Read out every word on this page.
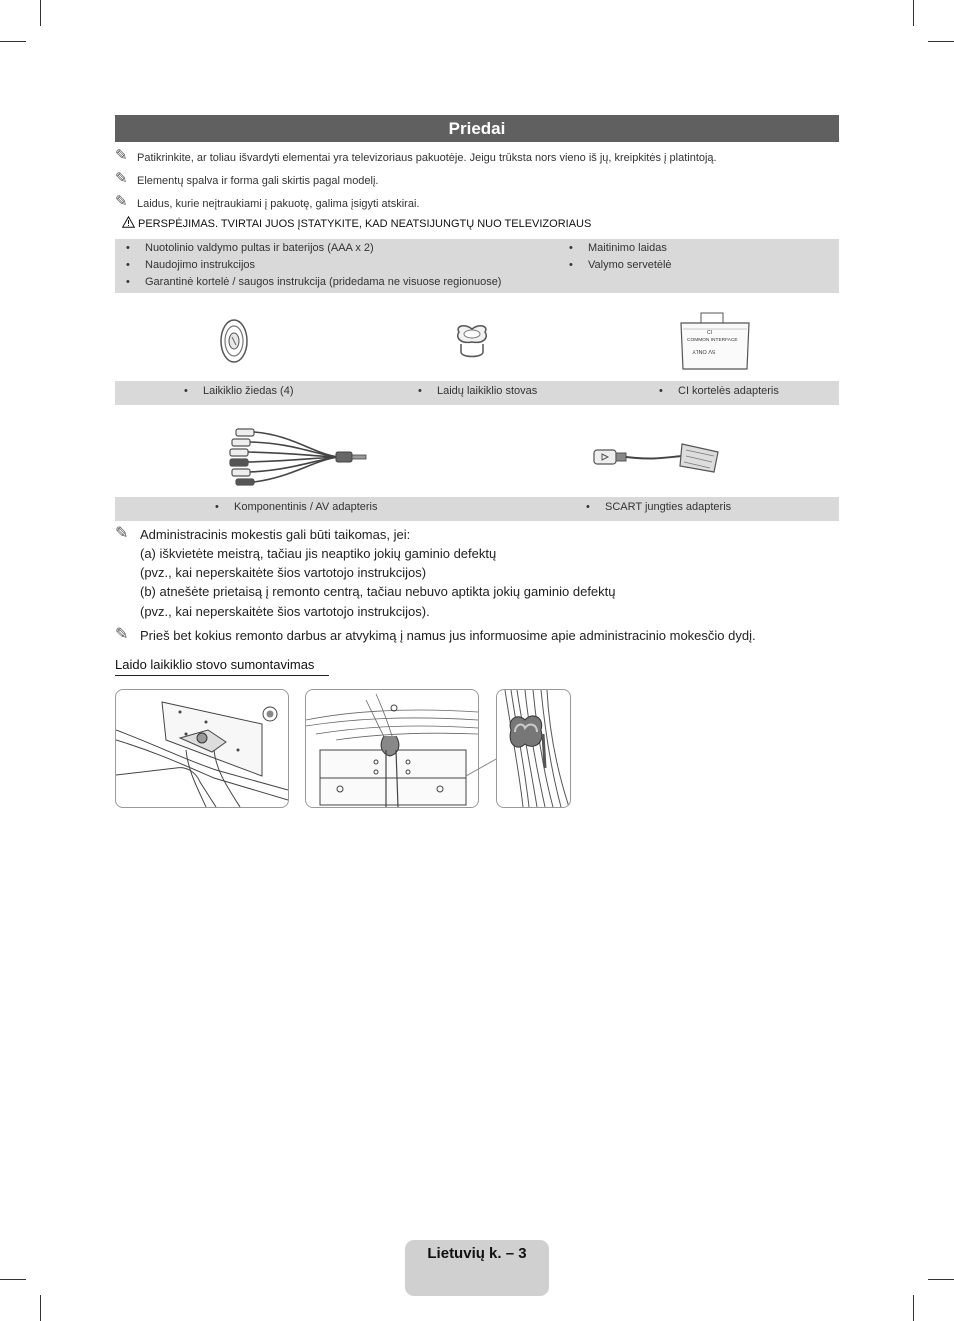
Priedai
✎ Patikrinkite, ar toliau išvardyti elementai yra televizoriaus pakuotėje. Jeigu trūksta nors vieno iš jų, kreipkitės į platintoją.
✎ Elementų spalva ir forma gali skirtis pagal modelį.
✎ Laidus, kurie neįtraukiami į pakuotę, galima įsigyti atskirai.
PERSPĖJIMAS. TVIRTAI JUOS ĮSTATYKITE, KAD NEATSIJUNGTŲ NUO TELEVIZORIAUS
• Nuotolinio valdymo pultas ir baterijos (AAA x 2)
• Naudojimo instrukcijos
• Garantinė kortelė / saugos instrukcija (pridedama ne visuose regionuose)
• Maitinimo laidas
• Valymo servetėlė
CI
COMMON INTERFACE
5V ONLY
• Laikiklio žiedas (4)	• Laidų laikiklio stovas	• CI kortelės adapteris
• Komponentinis / AV adapteris	• SCART jungties adapteris
✎ Administracinis mokestis gali būti taikomas, jei:
(a) iškvietėte meistrą, tačiau jis neaptiko jokių gaminio defektų
(pvz., kai neperskaitėte šios vartotojo instrukcijos)
(b) atnešėte prietaisą į remonto centrą, tačiau nebuvo aptikta jokių gaminio defektų
(pvz., kai neperskaitėte šios vartotojo instrukcijos).
✎ Prieš bet kokius remonto darbus ar atvykimą į namus jus informuosime apie administracinio mokesčio dydį.
Laido laikiklio stovo sumontavimas
Lietuvių k. – 3
